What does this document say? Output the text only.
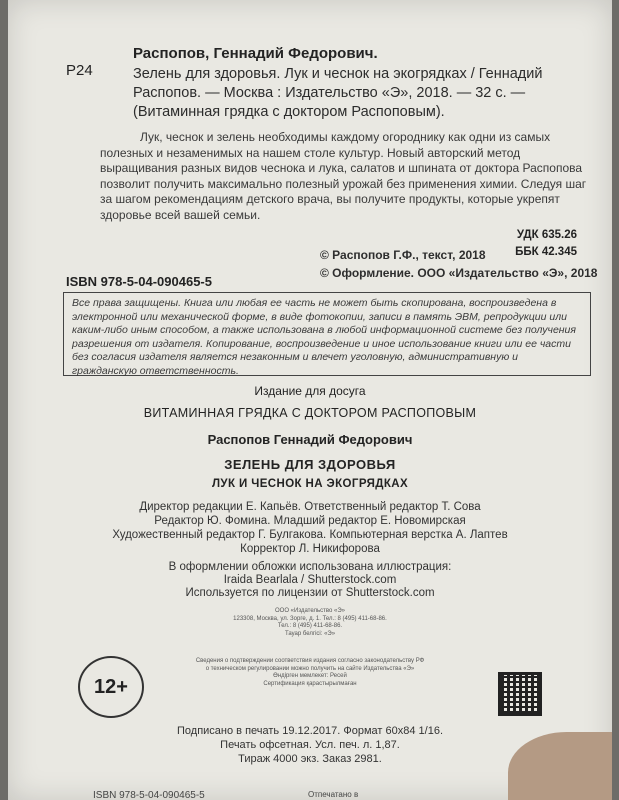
Р24
Распопов, Геннадий Федорович.
Зелень для здоровья. Лук и чеснок на экогрядках / Геннадий Распопов. — Москва : Издательство «Э», 2018. — 32 с. — (Витаминная грядка с доктором Распоповым).
Лук, чеснок и зелень необходимы каждому огороднику как одни из самых полезных и незаменимых на нашем столе культур. Новый авторский метод выращивания разных видов чеснока и лука, салатов и шпината от доктора Распопова позволит получить максимально полезный урожай без применения химии. Следуя шаг за шагом рекомендациям детского врача, вы получите продукты, которые укрепят здоровье всей вашей семьи.
УДК 635.26
ББК 42.345
© Распопов Г.Ф., текст, 2018
© Оформление. ООО «Издательство «Э», 2018
ISBN 978-5-04-090465-5
Все права защищены. Книга или любая ее часть не может быть скопирована, воспроизведена в электронной или механической форме, в виде фотокопии, записи в память ЭВМ, репродукции или каким-либо иным способом, а также использована в любой информационной системе без получения разрешения от издателя. Копирование, воспроизведение и иное использование книги или ее части без согласия издателя является незаконным и влечет уголовную, административную и гражданскую ответственность.
Издание для досуга
ВИТАМИННАЯ ГРЯДКА С ДОКТОРОМ РАСПОПОВЫМ
Распопов Геннадий Федорович
ЗЕЛЕНЬ ДЛЯ ЗДОРОВЬЯ
ЛУК И ЧЕСНОК НА ЭКОГРЯДКАХ
Директор редакции Е. Капьёв. Ответственный редактор Т. Сова
Редактор Ю. Фомина. Младший редактор Е. Новомирская
Художественный редактор Г. Булгакова. Компьютерная верстка А. Лаптев
Корректор Л. Никифорова
В оформлении обложки использована иллюстрация:
Iraida Bearlala / Shutterstock.com
Используется по лицензии от Shutterstock.com
ООО «Издательство «Э»
123308, Москва, ул. Зорге, д. 1. Тел.: 8 (495) 411-68-86.
Тел.: 8 (495) 411-68-86.
Тауар белгісі: «Э»
Сведения о подтверждении соответствия издания согласно законодательству РФ
о техническом регулировании можно получить на сайте Издательства «Э»
Өндірген мемлекет: Ресей
Сертификация қарастырылмаған
12+
Подписано в печать 19.12.2017. Формат 60x84 1/16.
Печать офсетная. Усл. печ. л. 1,87.
Тираж 4000 экз. Заказ 2981.
ISBN 978-5-04-090465-5	Отпечатано в
